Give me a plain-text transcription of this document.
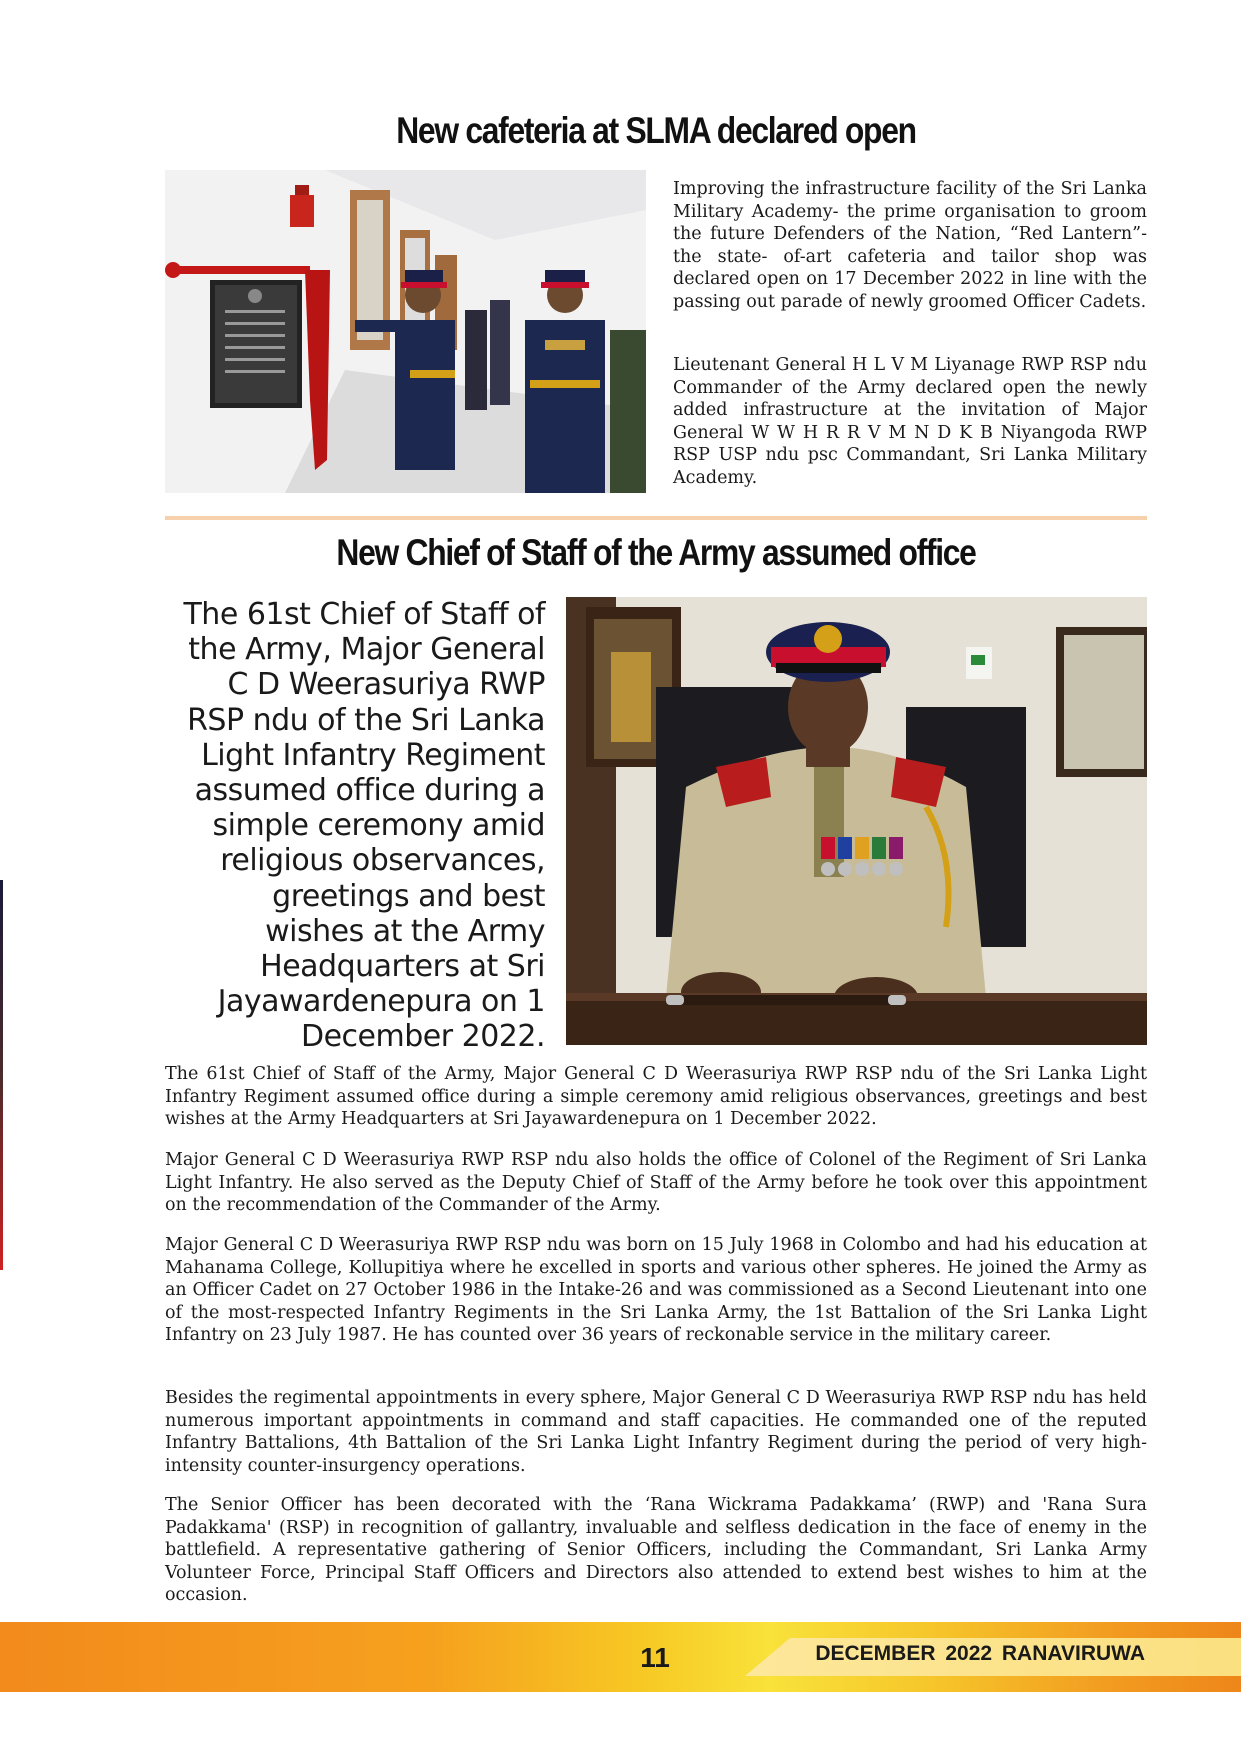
New cafeteria at SLMA declared open

Improving the infrastructure facility of the Sri Lanka Military Academy- the prime organisation to groom the future Defenders of the Nation, “Red Lantern”- the state- of-art cafeteria and tailor shop was declared open on 17 December 2022 in line with the passing out parade of newly groomed Officer Cadets.

Lieutenant General H L V M Liyanage RWP RSP ndu Commander of the Army declared open the newly added infrastructure at the invitation of Major General W W H R R V M N D K B Niyangoda RWP RSP USP ndu psc Commandant, Sri Lanka Military Academy.

New Chief of Staff of the Army assumed office

The 61st Chief of Staff of the Army, Major General C D Weerasuriya RWP RSP ndu of the Sri Lanka Light Infantry Regiment assumed office during a simple ceremony amid religious observances, greetings and best wishes at the Army Headquarters at Sri Jayawardenepura on 1 December 2022.

The 61st Chief of Staff of the Army, Major General C D Weerasuriya RWP RSP ndu of the Sri Lanka Light Infantry Regiment assumed office during a simple ceremony amid religious observances, greetings and best wishes at the Army Headquarters at Sri Jayawardenepura on 1 December 2022.

Major General C D Weerasuriya RWP RSP ndu also holds the office of Colonel of the Regiment of Sri Lanka Light Infantry. He also served as the Deputy Chief of Staff of the Army before he took over this appointment on the recommendation of the Commander of the Army.

Major General C D Weerasuriya RWP RSP ndu was born on 15 July 1968 in Colombo and had his education at Mahanama College, Kollupitiya where he excelled in sports and various other spheres. He joined the Army as an Officer Cadet on 27 October 1986 in the Intake-26 and was commissioned as a Second Lieutenant into one of the most-respected Infantry Regiments in the Sri Lanka Army, the 1st Battalion of the Sri Lanka Light Infantry on 23 July 1987. He has counted over 36 years of reckonable service in the military career.

Besides the regimental appointments in every sphere, Major General C D Weerasuriya RWP RSP ndu has held numerous important appointments in command and staff capacities. He commanded one of the reputed Infantry Battalions, 4th Battalion of the Sri Lanka Light Infantry Regiment during the period of very high-intensity counter-insurgency operations.

The Senior Officer has been decorated with the ‘Rana Wickrama Padakkama’ (RWP) and 'Rana Sura Padakkama' (RSP) in recognition of gallantry, invaluable and selfless dedication in the face of enemy in the battlefield. A representative gathering of Senior Officers, including the Commandant, Sri Lanka Army Volunteer Force, Principal Staff Officers and Directors also attended to extend best wishes to him at the occasion.

11	DECEMBER 2022 RANAVIRUWA
